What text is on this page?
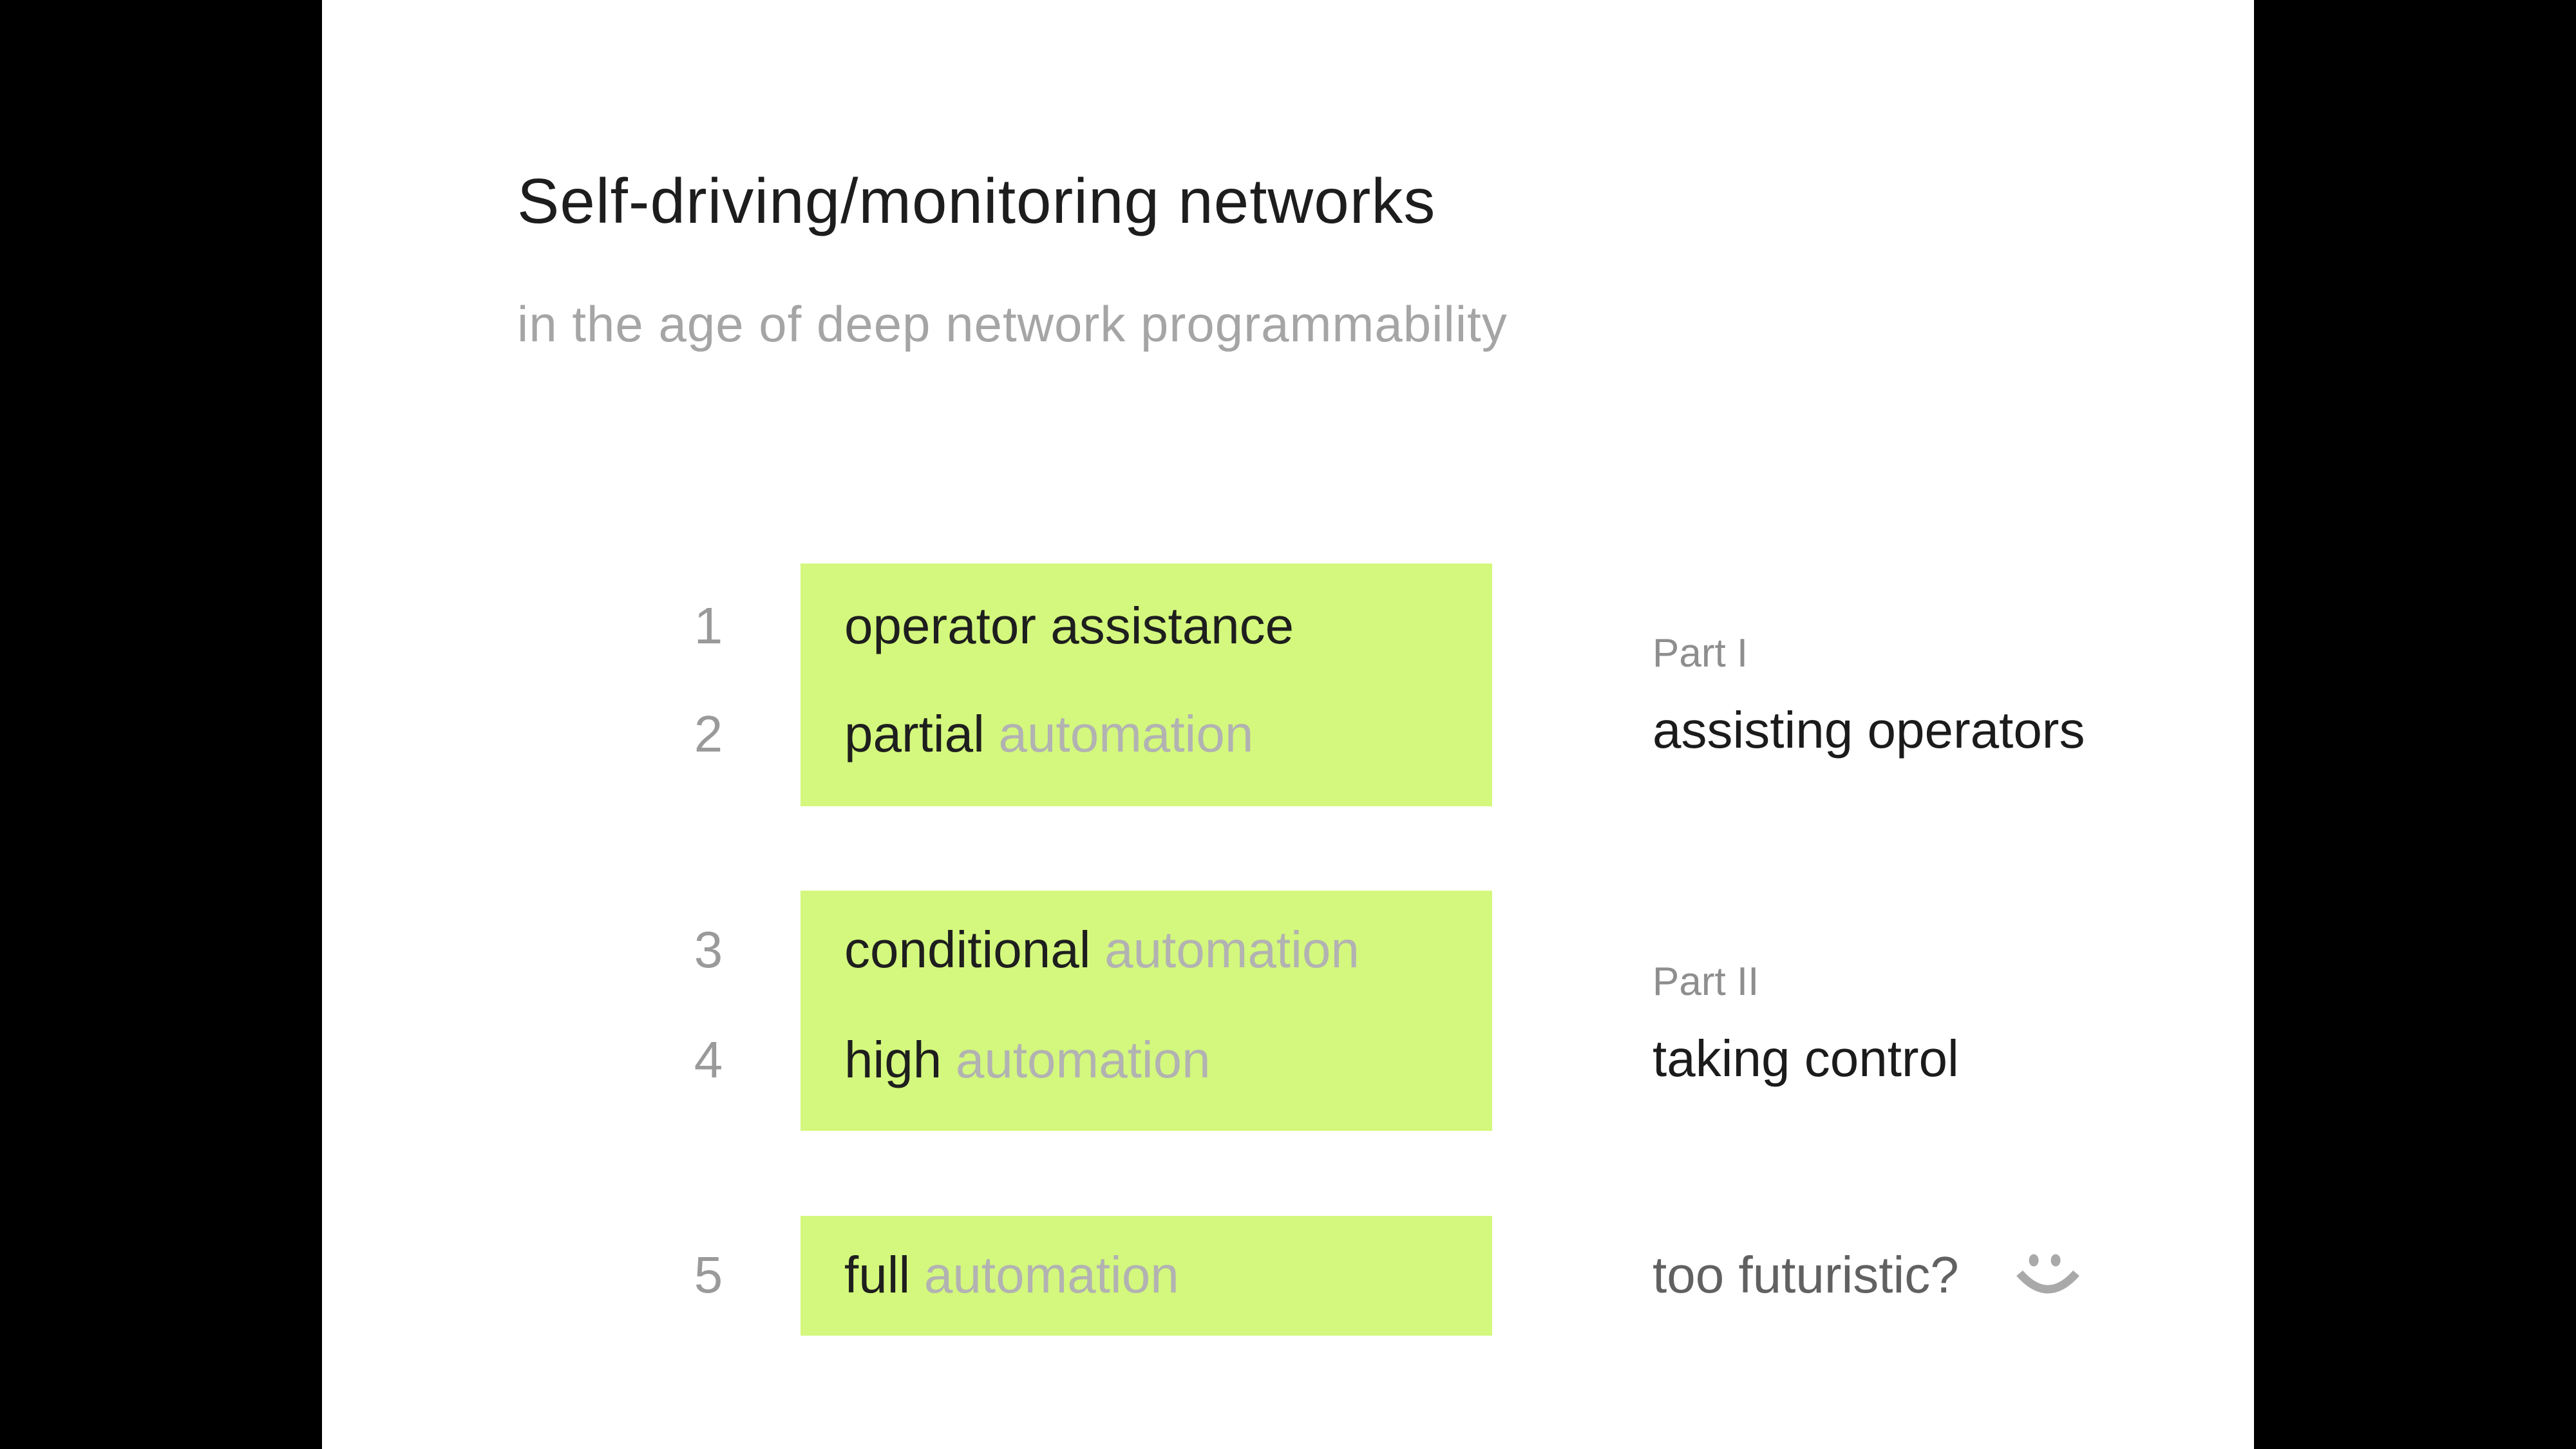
Self-driving/monitoring networks
in the age of deep network programmability
1
2
3
4
5
operator assistance
partial automation
conditional automation
high automation
full automation
Part I
assisting operators
Part II
taking control
too futuristic?
